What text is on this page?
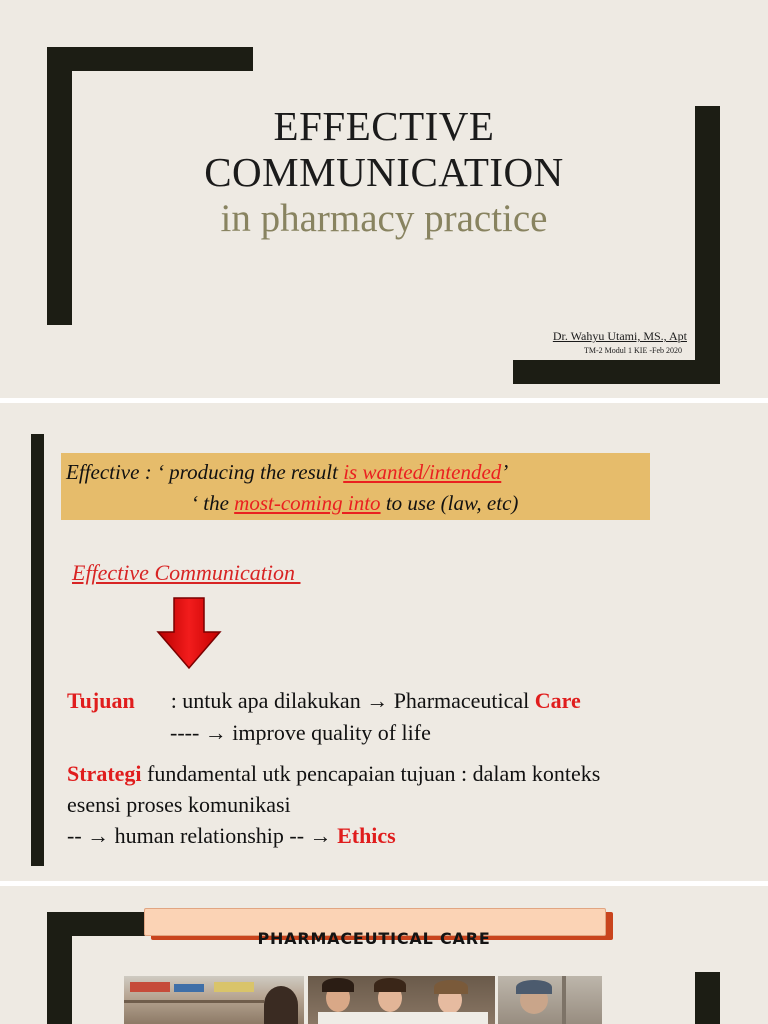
EFFECTIVE
COMMUNICATION
in pharmacy practice
Dr. Wahyu Utami, MS., Apt
TM-2 Modul 1 KIE -Feb 2020
Effective : ‘ producing the result is wanted/intended’
‘ the most-coming into to use (law, etc)
Effective Communication
Tujuan : untuk apa dilakukan → Pharmaceutical Care
---- → improve quality of life
Strategi fundamental utk pencapaian tujuan : dalam konteks
esensi proses komunikasi
-- → human relationship -- → Ethics
PHARMACEUTICAL CARE
